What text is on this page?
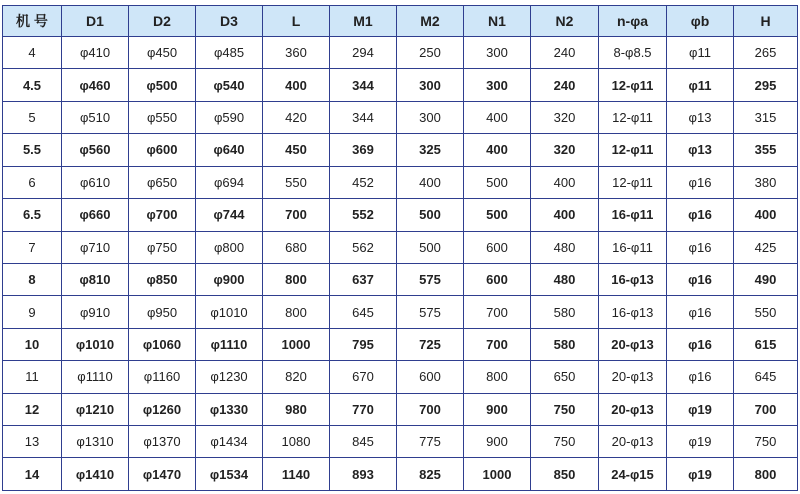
机 号	D1	D2	D3	L	M1	M2	N1	N2	n-φa	φb	H
4	φ410	φ450	φ485	360	294	250	300	240	8-φ8.5	φ11	265
4.5	φ460	φ500	φ540	400	344	300	300	240	12-φ11	φ11	295
5	φ510	φ550	φ590	420	344	300	400	320	12-φ11	φ13	315
5.5	φ560	φ600	φ640	450	369	325	400	320	12-φ11	φ13	355
6	φ610	φ650	φ694	550	452	400	500	400	12-φ11	φ16	380
6.5	φ660	φ700	φ744	700	552	500	500	400	16-φ11	φ16	400
7	φ710	φ750	φ800	680	562	500	600	480	16-φ11	φ16	425
8	φ810	φ850	φ900	800	637	575	600	480	16-φ13	φ16	490
9	φ910	φ950	φ1010	800	645	575	700	580	16-φ13	φ16	550
10	φ1010	φ1060	φ1110	1000	795	725	700	580	20-φ13	φ16	615
11	φ1110	φ1160	φ1230	820	670	600	800	650	20-φ13	φ16	645
12	φ1210	φ1260	φ1330	980	770	700	900	750	20-φ13	φ19	700
13	φ1310	φ1370	φ1434	1080	845	775	900	750	20-φ13	φ19	750
14	φ1410	φ1470	φ1534	1140	893	825	1000	850	24-φ15	φ19	800
